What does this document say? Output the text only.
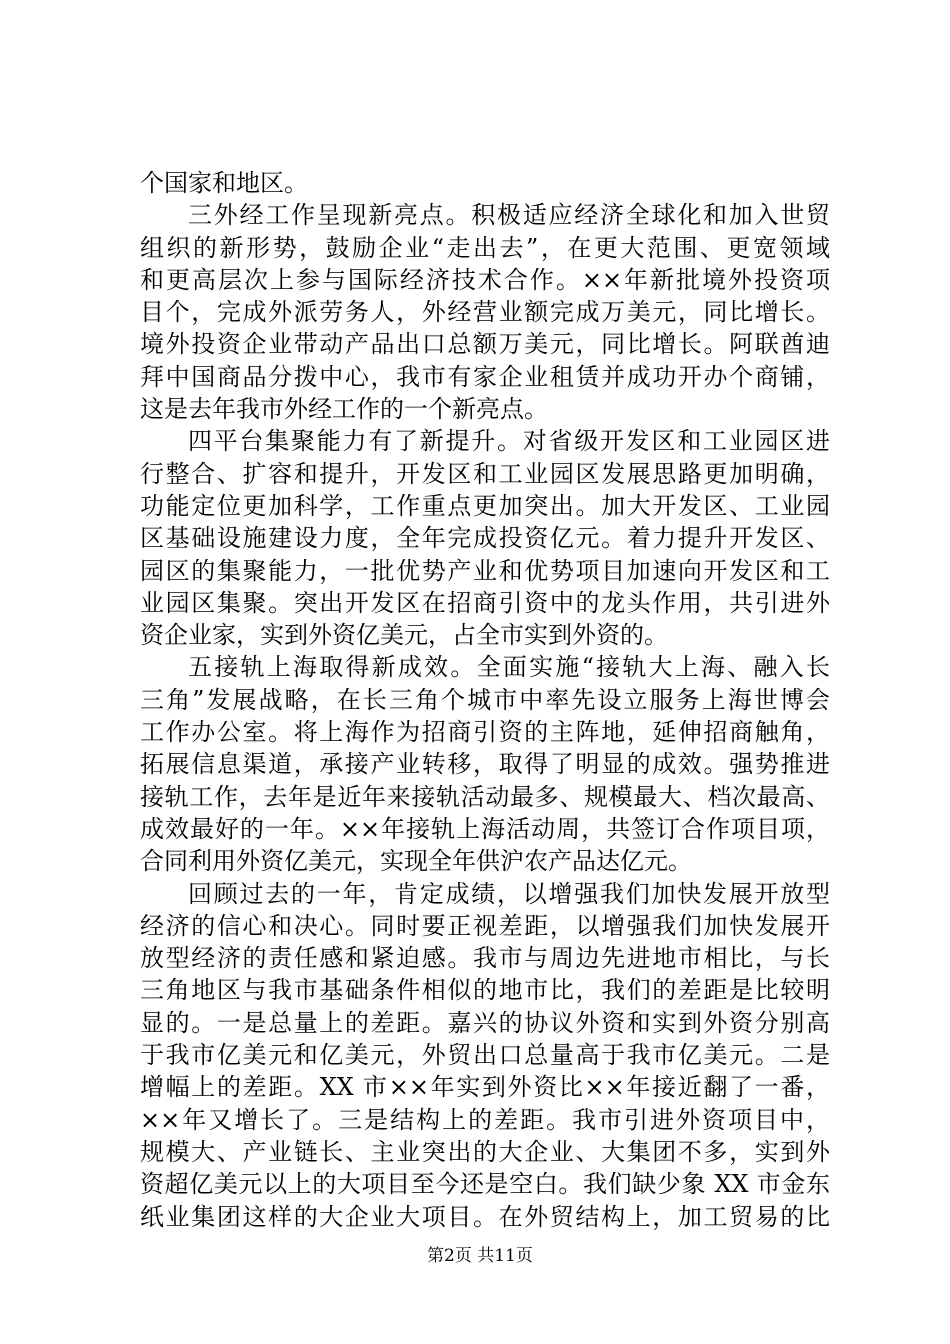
个国家和地区。
三外经工作呈现新亮点。积极适应经济全球化和加入世贸
组织的新形势，鼓励企业“走出去”，在更大范围、更宽领域
和更高层次上参与国际经济技术合作。××年新批境外投资项
目个，完成外派劳务人，外经营业额完成万美元，同比增长。
境外投资企业带动产品出口总额万美元，同比增长。阿联酋迪
拜中国商品分拨中心，我市有家企业租赁并成功开办个商铺，
这是去年我市外经工作的一个新亮点。
四平台集聚能力有了新提升。对省级开发区和工业园区进
行整合、扩容和提升，开发区和工业园区发展思路更加明确，
功能定位更加科学，工作重点更加突出。加大开发区、工业园
区基础设施建设力度，全年完成投资亿元。着力提升开发区、
园区的集聚能力，一批优势产业和优势项目加速向开发区和工
业园区集聚。突出开发区在招商引资中的龙头作用，共引进外
资企业家，实到外资亿美元，占全市实到外资的。
五接轨上海取得新成效。全面实施“接轨大上海、融入长
三角”发展战略，在长三角个城市中率先设立服务上海世博会
工作办公室。将上海作为招商引资的主阵地，延伸招商触角，
拓展信息渠道，承接产业转移，取得了明显的成效。强势推进
接轨工作，去年是近年来接轨活动最多、规模最大、档次最高、
成效最好的一年。××年接轨上海活动周，共签订合作项目项，
合同利用外资亿美元，实现全年供沪农产品达亿元。
回顾过去的一年，肯定成绩，以增强我们加快发展开放型
经济的信心和决心。同时要正视差距，以增强我们加快发展开
放型经济的责任感和紧迫感。我市与周边先进地市相比，与长
三角地区与我市基础条件相似的地市比，我们的差距是比较明
显的。一是总量上的差距。嘉兴的协议外资和实到外资分别高
于我市亿美元和亿美元，外贸出口总量高于我市亿美元。二是
增幅上的差距。XX 市××年实到外资比××年接近翻了一番，
××年又增长了。三是结构上的差距。我市引进外资项目中，
规模大、产业链长、主业突出的大企业、大集团不多，实到外
资超亿美元以上的大项目至今还是空白。我们缺少象 XX 市金东
纸业集团这样的大企业大项目。在外贸结构上，加工贸易的比
第2页 共11页
